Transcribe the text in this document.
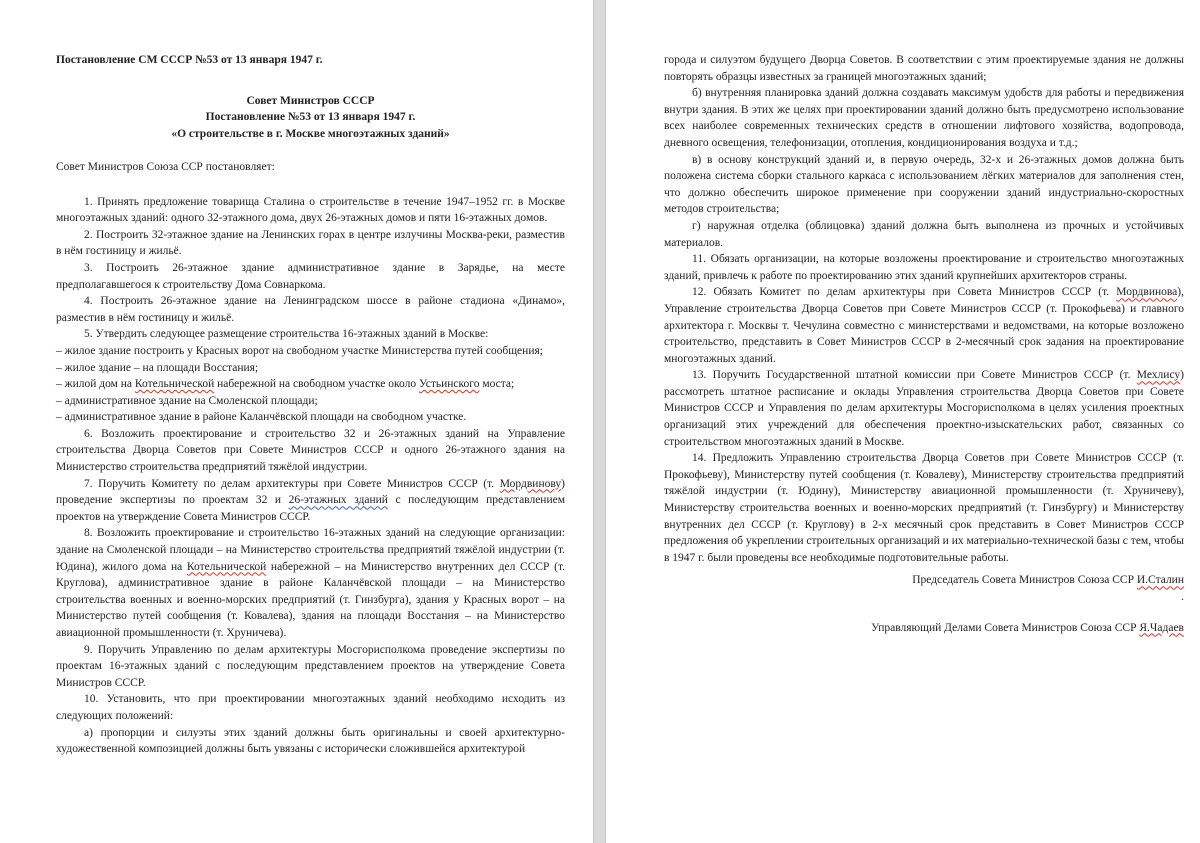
Постановление СМ СССР №53 от 13 января 1947 г.

Совет Министров СССР
Постановление №53 от 13 января 1947 г.
«О строительстве в г. Москве многоэтажных зданий»

Совет Министров Союза ССР постановляет:

1. Принять предложение товарища Сталина о строительстве в течение 1947–1952 гг. в Москве многоэтажных зданий: одного 32-этажного дома, двух 26-этажных домов и пяти 16-этажных домов.

2. Построить 32-этажное здание на Ленинских горах в центре излучины Москва-реки, разместив в нём гостиницу и жильё.

3. Построить 26-этажное здание административное здание в Зарядье, на месте предполагавшегося к строительству Дома Совнаркома.

4. Построить 26-этажное здание на Ленинградском шоссе в районе стадиона «Динамо», разместив в нём гостиницу и жильё.

5. Утвердить следующее размещение строительства 16-этажных зданий в Москве:

– жилое здание построить у Красных ворот на свободном участке Министерства путей сообщения;

– жилое здание – на площади Восстания;

– жилой дом на Котельнической набережной на свободном участке около Устьинского моста;

– административное здание на Смоленской площади;

– административное здание в районе Каланчёвской площади на свободном участке.

6. Возложить проектирование и строительство 32 и 26-этажных зданий на Управление строительства Дворца Советов при Совете Министров СССР и одного 26-этажного здания на Министерство строительства предприятий тяжёлой индустрии.

7. Поручить Комитету по делам архитектуры при Совете Министров СССР (т. Мордвинову) проведение экспертизы по проектам 32 и 26-этажных зданий с последующим представлением проектов на утверждение Совета Министров СССР.

8. Возложить проектирование и строительство 16-этажных зданий на следующие организации: здание на Смоленской площади – на Министерство строительства предприятий тяжёлой индустрии (т. Юдина), жилого дома на Котельнической набережной – на Министерство внутренних дел СССР (т. Круглова), административное здание в районе Каланчёвской площади – на Министерство строительства военных и военно-морских предприятий (т. Гинзбурга), здания у Красных ворот – на Министерство путей сообщения (т. Ковалева), здания на площади Восстания – на Министерство авиационной промышленности (т. Хруничева).

9. Поручить Управлению по делам архитектуры Мосгорисполкома проведение экспертизы по проектам 16-этажных зданий с последующим представлением проектов на утверждение Совета Министров СССР.

10. Установить, что при проектировании многоэтажных зданий необходимо исходить из следующих положений:

а) пропорции и силуэты этих зданий должны быть оригинальны и своей архитектурно-художественной композицией должны быть увязаны с исторически сложившейся архитектурой

города и силуэтом будущего Дворца Советов. В соответствии с этим проектируемые здания не должны повторять образцы известных за границей многоэтажных зданий;

б) внутренняя планировка зданий должна создавать максимум удобств для работы и передвижения внутри здания. В этих же целях при проектировании зданий должно быть предусмотрено использование всех наиболее современных технических средств в отношении лифтового хозяйства, водопровода, дневного освещения, телефонизации, отопления, кондиционирования воздуха и т.д.;

в) в основу конструкций зданий и, в первую очередь, 32-х и 26-этажных домов должна быть положена система сборки стального каркаса с использованием лёгких материалов для заполнения стен, что должно обеспечить широкое применение при сооружении зданий индустриально-скоростных методов строительства;

г) наружная отделка (облицовка) зданий должна быть выполнена из прочных и устойчивых материалов.

11. Обязать организации, на которые возложены проектирование и строительство многоэтажных зданий, привлечь к работе по проектированию этих зданий крупнейших архитекторов страны.

12. Обязать Комитет по делам архитектуры при Совета Министров СССР (т. Мордвинова), Управление строительства Дворца Советов при Совете Министров СССР (т. Прокофьева) и главного архитектора г. Москвы т. Чечулина совместно с министерствами и ведомствами, на которые возложено строительство, представить в Совет Министров СССР в 2-месячный срок задания на проектирование многоэтажных зданий.

13. Поручить Государственной штатной комиссии при Совете Министров СССР (т. Мехлису) рассмотреть штатное расписание и оклады Управления строительства Дворца Советов при Совете Министров СССР и Управления по делам архитектуры Мосгорисполкома в целях усиления проектных организаций этих учреждений для обеспечения проектно-изыскательских работ, связанных со строительством многоэтажных зданий в Москве.

14. Предложить Управлению строительства Дворца Советов при Совете Министров СССР (т. Прокофьеву), Министерству путей сообщения (т. Ковалеву), Министерству строительства предприятий тяжёлой индустрии (т. Юдину), Министерству авиационной промышленности (т. Хруничеву), Министерству строительства военных и военно-морских предприятий (т. Гинзбургу) и Министерству внутренних дел СССР (т. Круглову) в 2-х месячный срок представить в Совет Министров СССР предложения об укреплении строительных организаций и их материально-технической базы с тем, чтобы в 1947 г. были проведены все необходимые подготовительные работы.

Председатель Совета Министров Союза ССР И.Сталин
.

Управляющий Делами Совета Министров Союза ССР Я.Чадаев
